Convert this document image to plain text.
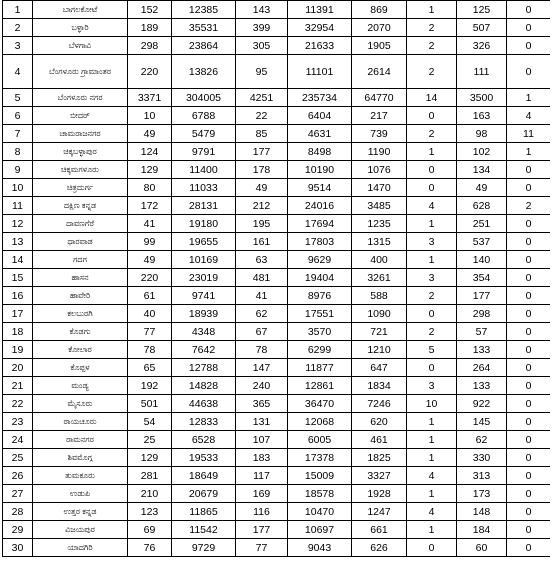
1	ಬಾಗಲಕೋಟೆ	152	12385	143	11391	869	1	125	0
2	ಬಳ್ಳಾರಿ	189	35531	399	32954	2070	2	507	0
3	ಬೆಳಗಾವಿ	298	23864	305	21633	1905	2	326	0
4	ಬೆಂಗಳೂರು ಗ್ರಾಮಾಂತರ	220	13826	95	11101	2614	2	111	0
5	ಬೆಂಗಳೂರು ನಗರ	3371	304005	4251	235734	64770	14	3500	1
6	ಬೀದರ್	10	6788	22	6404	217	0	163	4
7	ಚಾಮರಾಜನಗರ	49	5479	85	4631	739	2	98	11
8	ಚಿಕ್ಕಬಳ್ಳಾಪುರ	124	9791	177	8498	1190	1	102	1
9	ಚಿಕ್ಕಮಗಳೂರು	129	11400	178	10190	1076	0	134	0
10	ಚಿತ್ರದುರ್ಗ	80	11033	49	9514	1470	0	49	0
11	ದಕ್ಷಿಣ ಕನ್ನಡ	172	28131	212	24016	3485	4	628	2
12	ದಾವಣಗೆರೆ	41	19180	195	17694	1235	1	251	0
13	ಧಾರವಾಡ	99	19655	161	17803	1315	3	537	0
14	ಗದಗ	49	10169	63	9629	400	1	140	0
15	ಹಾಸನ	220	23019	481	19404	3261	3	354	0
16	ಹಾವೇರಿ	61	9741	41	8976	588	2	177	0
17	ಕಲಬುರಗಿ	40	18939	62	17551	1090	0	298	0
18	ಕೊಡಗು	77	4348	67	3570	721	2	57	0
19	ಕೋಲಾರ	78	7642	78	6299	1210	5	133	0
20	ಕೊಪ್ಪಳ	65	12788	147	11877	647	0	264	0
21	ಮಂಡ್ಯ	192	14828	240	12861	1834	3	133	0
22	ಮೈಸೂರು	501	44638	365	36470	7246	10	922	0
23	ರಾಯಚೂರು	54	12833	131	12068	620	1	145	0
24	ರಾಮನಗರ	25	6528	107	6005	461	1	62	0
25	ಶಿವಮೊಗ್ಗ	129	19533	183	17378	1825	1	330	0
26	ತುಮಕೂರು	281	18649	117	15009	3327	4	313	0
27	ಉಡುಪಿ	210	20679	169	18578	1928	1	173	0
28	ಉತ್ತರ ಕನ್ನಡ	123	11865	116	10470	1247	4	148	0
29	ವಿಜಯಪುರ	69	11542	177	10697	661	1	184	0
30	ಯಾದಗಿರಿ	76	9729	77	9043	626	0	60	0
